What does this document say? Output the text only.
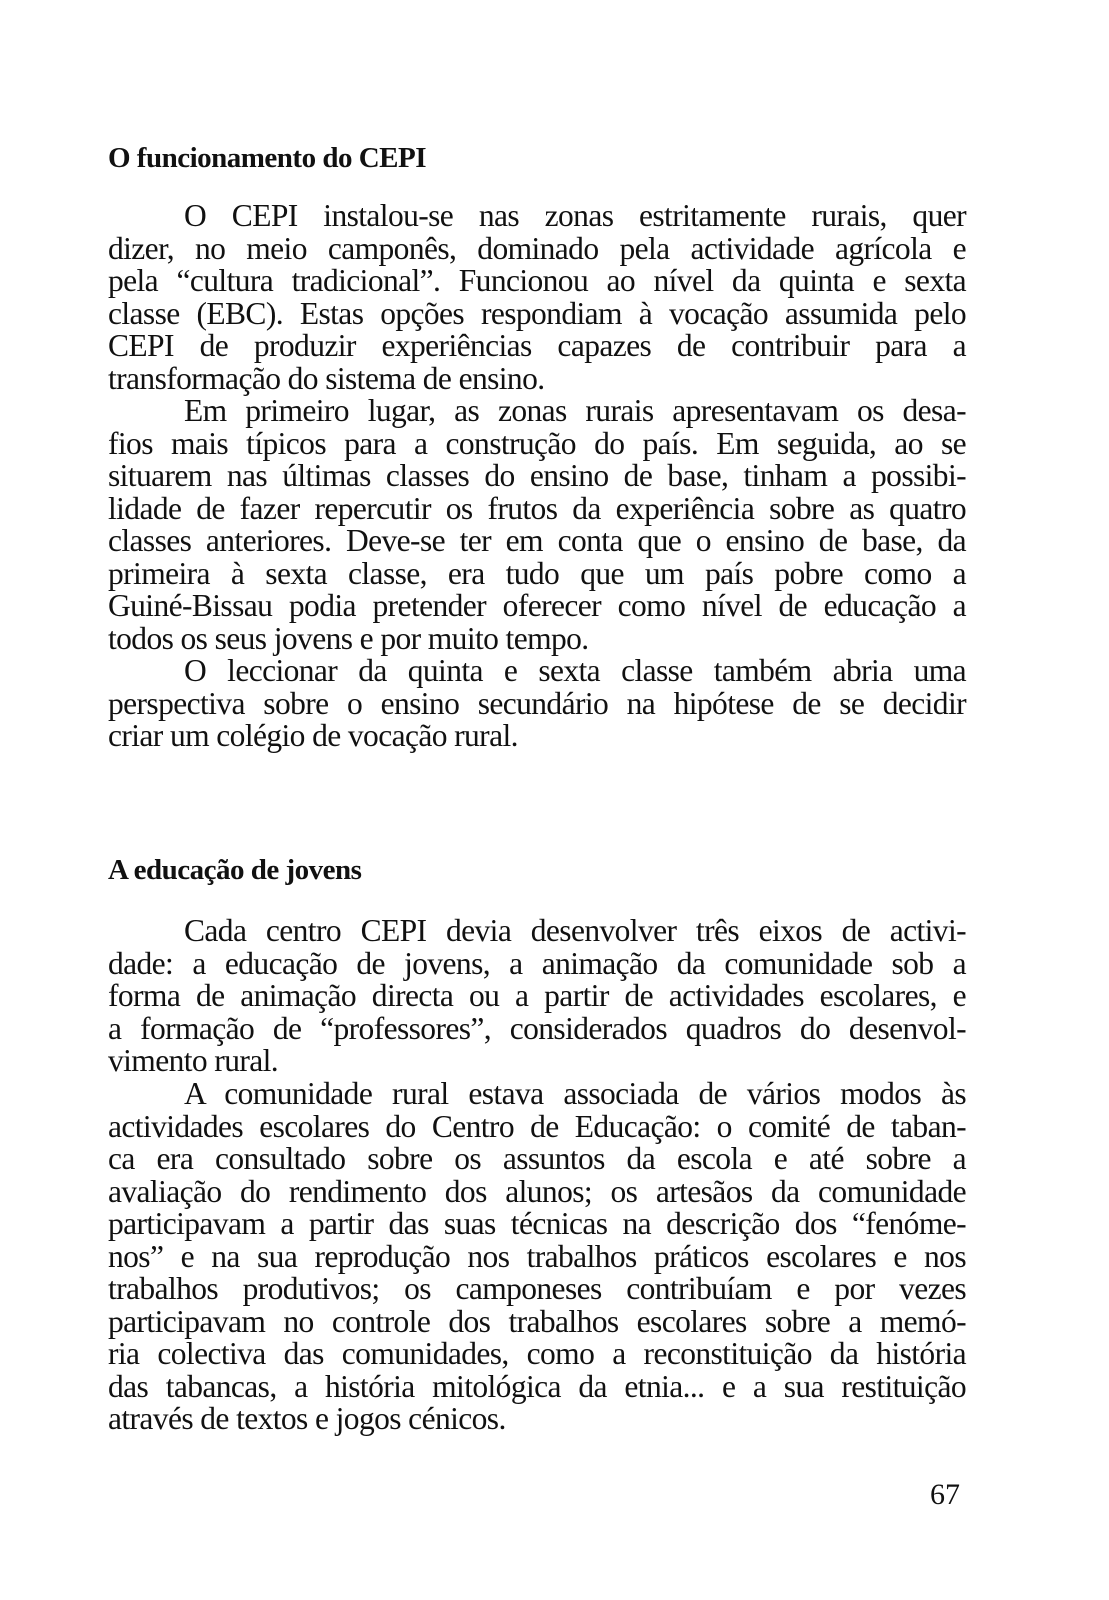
O funcionamento do CEPI
O CEPI instalou-se nas zonas estritamente rurais, quer
dizer, no meio camponês, dominado pela actividade agrícola e
pela “cultura tradicional”. Funcionou ao nível da quinta e sexta
classe (EBC). Estas opções respondiam à vocação assumida pelo
CEPI de produzir experiências capazes de contribuir para a
transformação do sistema de ensino.
Em primeiro lugar, as zonas rurais apresentavam os desa-
fios mais típicos para a construção do país. Em seguida, ao se
situarem nas últimas classes do ensino de base, tinham a possibi-
lidade de fazer repercutir os frutos da experiência sobre as quatro
classes anteriores. Deve-se ter em conta que o ensino de base, da
primeira à sexta classe, era tudo que um país pobre como a
Guiné-Bissau podia pretender oferecer como nível de educação a
todos os seus jovens e por muito tempo.
O leccionar da quinta e sexta classe também abria uma
perspectiva sobre o ensino secundário na hipótese de se decidir
criar um colégio de vocação rural.
A educação de jovens
Cada centro CEPI devia desenvolver três eixos de activi-
dade: a educação de jovens, a animação da comunidade sob a
forma de animação directa ou a partir de actividades escolares, e
a formação de “professores”, considerados quadros do desenvol-
vimento rural.
A comunidade rural estava associada de vários modos às
actividades escolares do Centro de Educação: o comité de taban-
ca era consultado sobre os assuntos da escola e até sobre a
avaliação do rendimento dos alunos; os artesãos da comunidade
participavam a partir das suas técnicas na descrição dos “fenóme-
nos” e na sua reprodução nos trabalhos práticos escolares e nos
trabalhos produtivos; os camponeses contribuíam e por vezes
participavam no controle dos trabalhos escolares sobre a memó-
ria colectiva das comunidades, como a reconstituição da história
das tabancas, a história mitológica da etnia... e a sua restituição
através de textos e jogos cénicos.
67
